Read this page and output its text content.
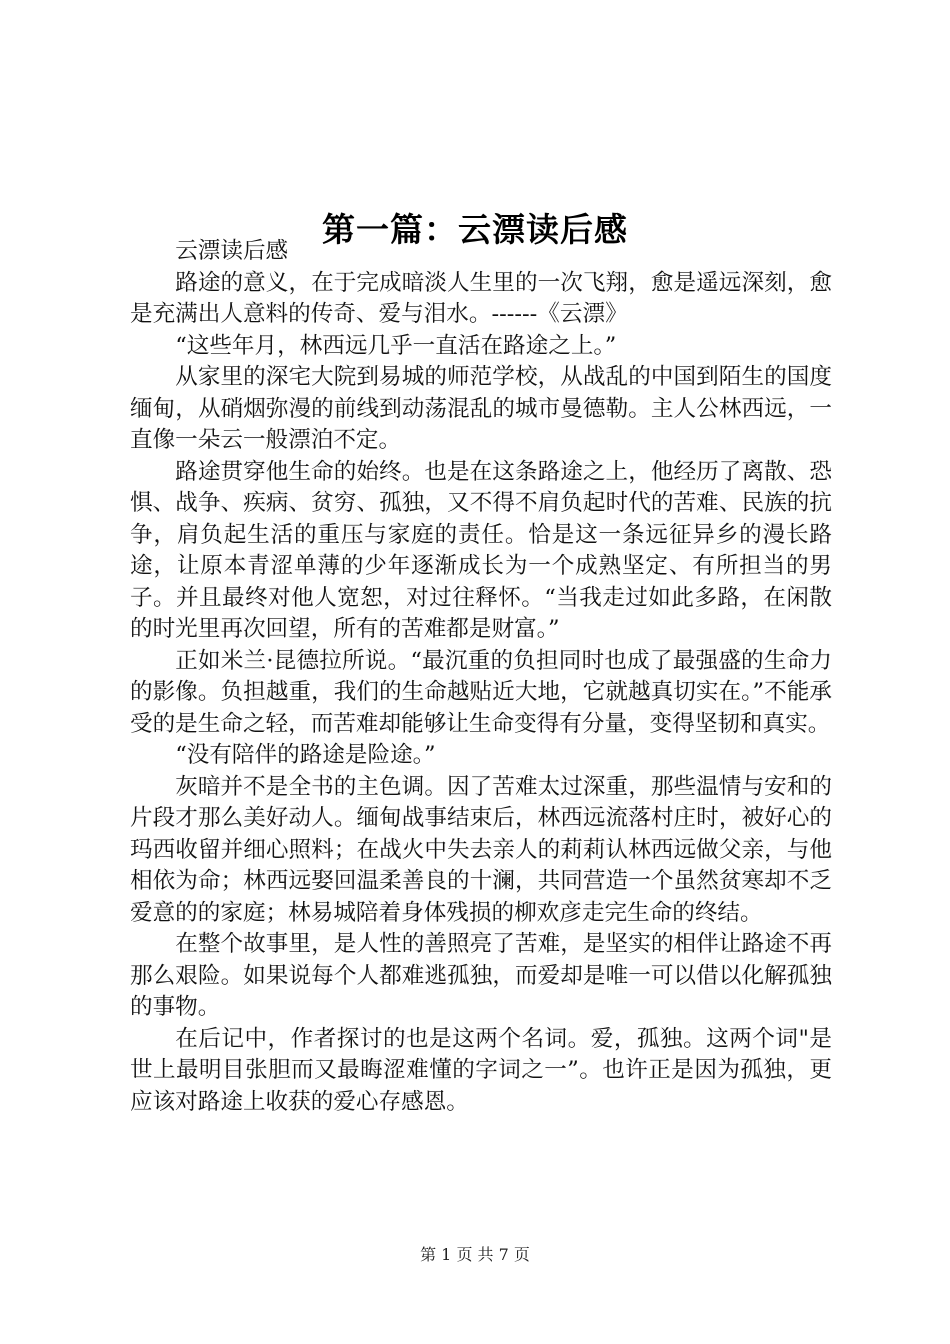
第一篇：云漂读后感

云漂读后感

路途的意义，在于完成暗淡人生里的一次飞翔，愈是遥远深刻，愈是充满出人意料的传奇、爱与泪水。------《云漂》

“这些年月，林西远几乎一直活在路途之上。”

从家里的深宅大院到易城的师范学校，从战乱的中国到陌生的国度缅甸，从硝烟弥漫的前线到动荡混乱的城市曼德勒。主人公林西远，一直像一朵云一般漂泊不定。

路途贯穿他生命的始终。也是在这条路途之上，他经历了离散、恐惧、战争、疾病、贫穷、孤独，又不得不肩负起时代的苦难、民族的抗争，肩负起生活的重压与家庭的责任。恰是这一条远征异乡的漫长路途，让原本青涩单薄的少年逐渐成长为一个成熟坚定、有所担当的男子。并且最终对他人宽恕，对过往释怀。“当我走过如此多路，在闲散的时光里再次回望，所有的苦难都是财富。”

正如米兰·昆德拉所说。“最沉重的负担同时也成了最强盛的生命力的影像。负担越重，我们的生命越贴近大地，它就越真切实在。”不能承受的是生命之轻，而苦难却能够让生命变得有分量，变得坚韧和真实。

“没有陪伴的路途是险途。”

灰暗并不是全书的主色调。因了苦难太过深重，那些温情与安和的片段才那么美好动人。缅甸战事结束后，林西远流落村庄时，被好心的玛西收留并细心照料；在战火中失去亲人的莉莉认林西远做父亲，与他相依为命；林西远娶回温柔善良的十澜，共同营造一个虽然贫寒却不乏爱意的的家庭；林易城陪着身体残损的柳欢彦走完生命的终结。

在整个故事里，是人性的善照亮了苦难，是坚实的相伴让路途不再那么艰险。如果说每个人都难逃孤独，而爱却是唯一可以借以化解孤独的事物。

在后记中，作者探讨的也是这两个名词。爱，孤独。这两个词"是世上最明目张胆而又最晦涩难懂的字词之一”。也许正是因为孤独，更应该对路途上收获的爱心存感恩。

第 1 页 共 7 页
